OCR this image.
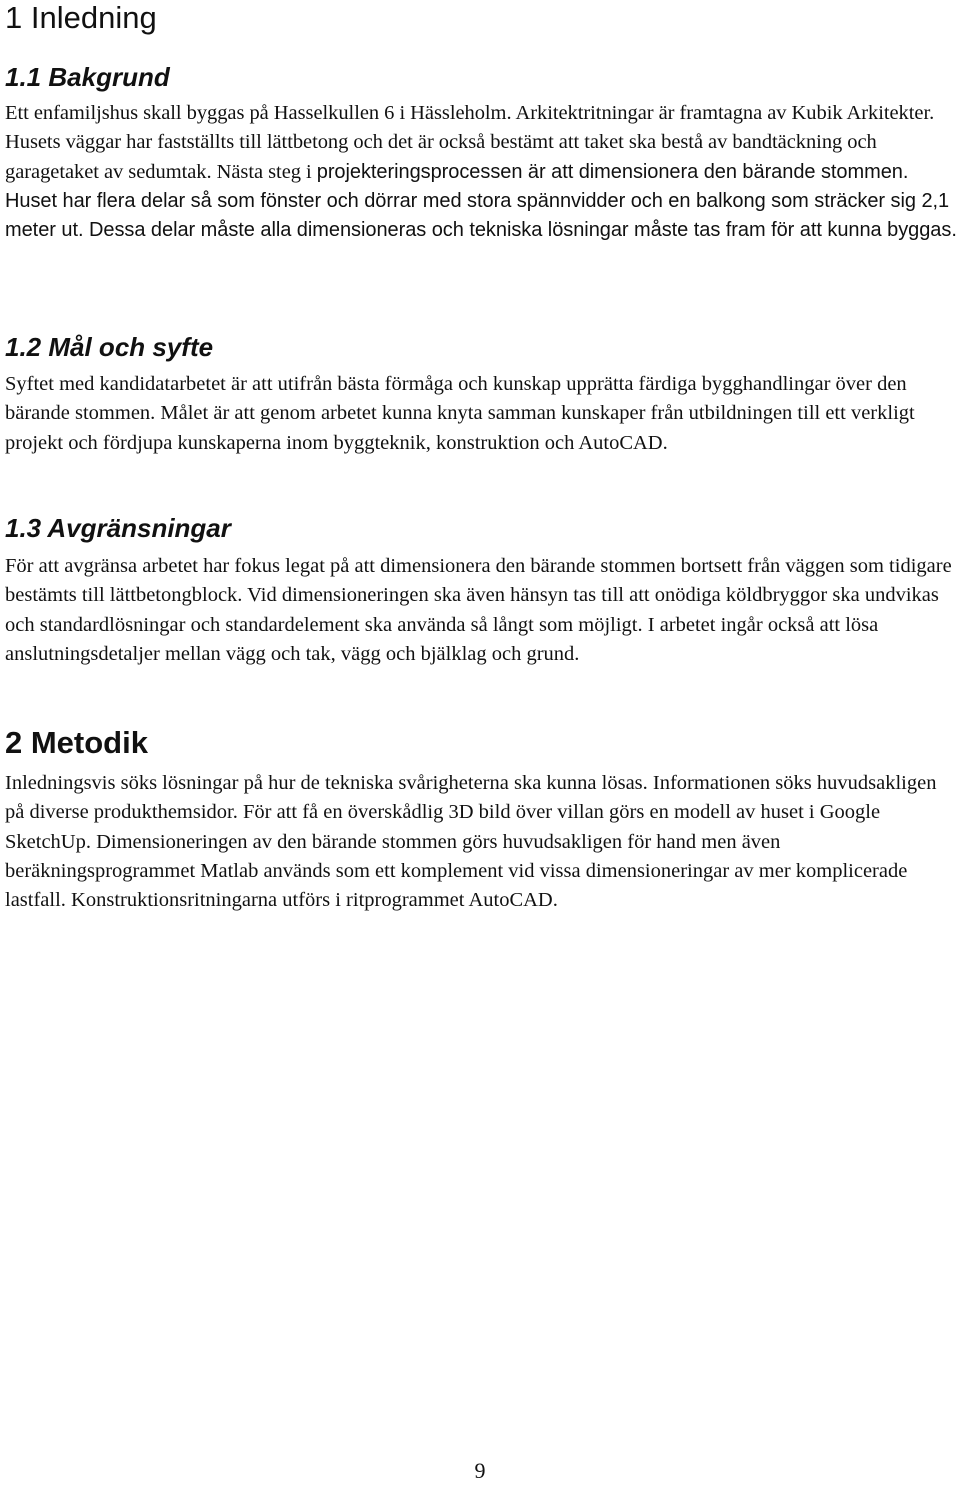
1 Inledning
1.1 Bakgrund

Ett enfamiljshus skall byggas på Hasselkullen 6 i Hässleholm. Arkitektritningar är framtagna av Kubik Arkitekter. Husets väggar har fastställts till lättbetong och det är också bestämt att taket ska bestå av bandtäckning och garagetaket av sedumtak. Nästa steg i projekteringsprocessen är att dimensionera den bärande stommen. Huset har flera delar så som fönster och dörrar med stora spännvidder och en balkong som sträcker sig 2,1 meter ut. Dessa delar måste alla dimensioneras och tekniska lösningar måste tas fram för att kunna byggas.

1.2 Mål och syfte

Syftet med kandidatarbetet är att utifrån bästa förmåga och kunskap upprätta färdiga bygghandlingar över den bärande stommen. Målet är att genom arbetet kunna knyta samman kunskaper från utbildningen till ett verkligt projekt och fördjupa kunskaperna inom byggteknik, konstruktion och AutoCAD.

1.3 Avgränsningar

För att avgränsa arbetet har fokus legat på att dimensionera den bärande stommen bortsett från väggen som tidigare bestämts till lättbetongblock. Vid dimensioneringen ska även hänsyn tas till att onödiga köldbryggor ska undvikas och standardlösningar och standardelement ska använda så långt som möjligt. I arbetet ingår också att lösa anslutningsdetaljer mellan vägg och tak, vägg och bjälklag och grund.

2 Metodik

Inledningsvis söks lösningar på hur de tekniska svårigheterna ska kunna lösas. Informationen söks huvudsakligen på diverse produkthemsidor. För att få en överskådlig 3D bild över villan görs en modell av huset i Google SketchUp. Dimensioneringen av den bärande stommen görs huvudsakligen för hand men även beräkningsprogrammet Matlab används som ett komplement vid vissa dimensioneringar av mer komplicerade lastfall. Konstruktionsritningarna utförs i ritprogrammet AutoCAD.

9
